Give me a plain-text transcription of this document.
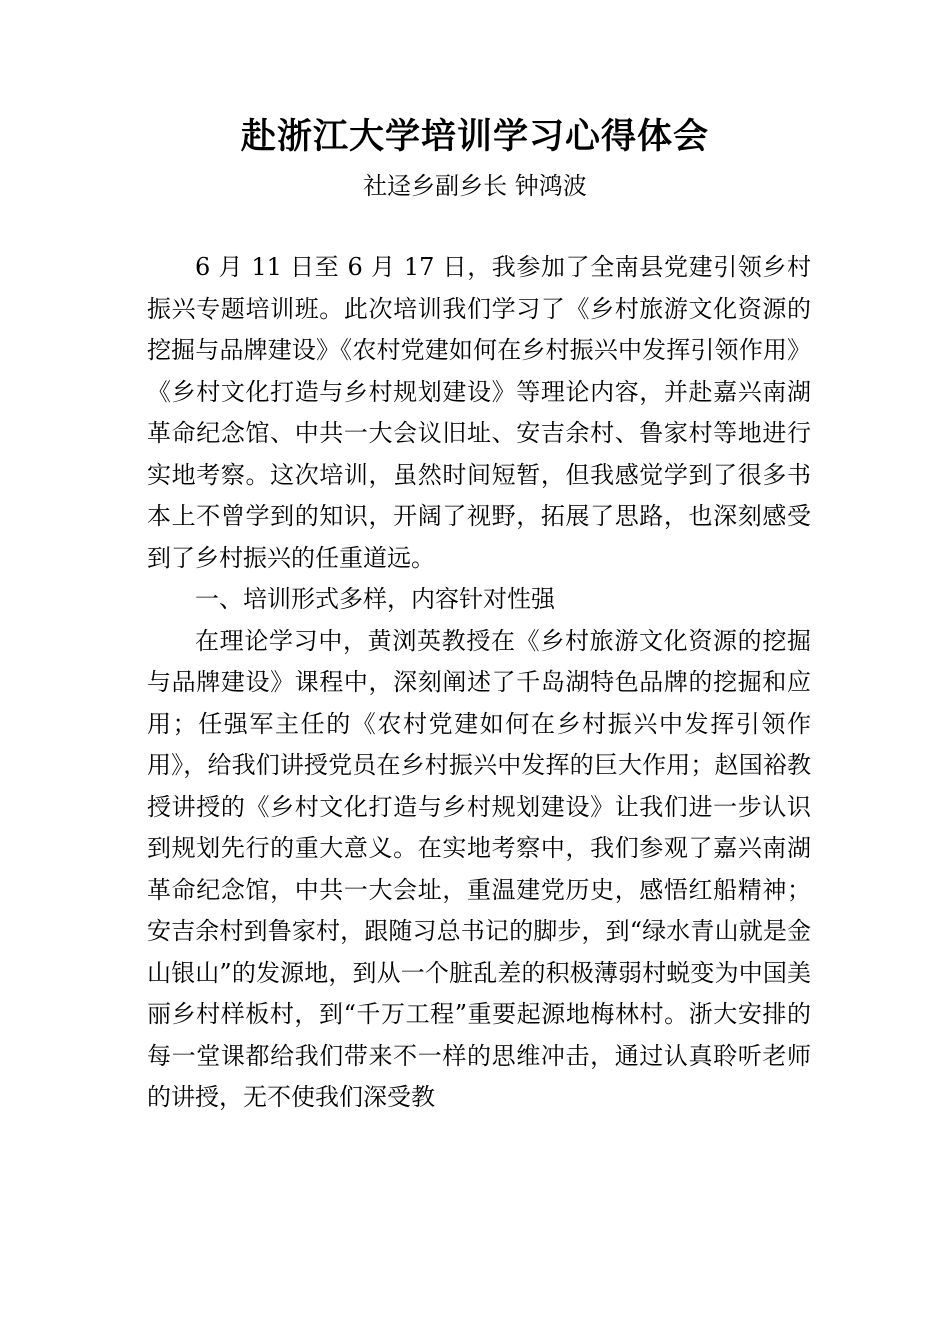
赴浙江大学培训学习心得体会
社迳乡副乡长 钟鸿波

6 月 11 日至 6 月 17 日，我参加了全南县党建引领乡村振兴专题培训班。此次培训我们学习了《乡村旅游文化资源的挖掘与品牌建设》《农村党建如何在乡村振兴中发挥引领作用》《乡村文化打造与乡村规划建设》等理论内容，并赴嘉兴南湖革命纪念馆、中共一大会议旧址、安吉余村、鲁家村等地进行实地考察。这次培训，虽然时间短暂，但我感觉学到了很多书本上不曾学到的知识，开阔了视野，拓展了思路，也深刻感受到了乡村振兴的任重道远。

一、培训形式多样，内容针对性强

在理论学习中，黄浏英教授在《乡村旅游文化资源的挖掘与品牌建设》课程中，深刻阐述了千岛湖特色品牌的挖掘和应用；任强军主任的《农村党建如何在乡村振兴中发挥引领作用》，给我们讲授党员在乡村振兴中发挥的巨大作用；赵国裕教授讲授的《乡村文化打造与乡村规划建设》让我们进一步认识到规划先行的重大意义。在实地考察中，我们参观了嘉兴南湖革命纪念馆，中共一大会址，重温建党历史，感悟红船精神；安吉余村到鲁家村，跟随习总书记的脚步，到“绿水青山就是金山银山”的发源地，到从一个脏乱差的积极薄弱村蜕变为中国美丽乡村样板村，到“千万工程”重要起源地梅林村。浙大安排的每一堂课都给我们带来不一样的思维冲击，通过认真聆听老师的讲授，无不使我们深受教
